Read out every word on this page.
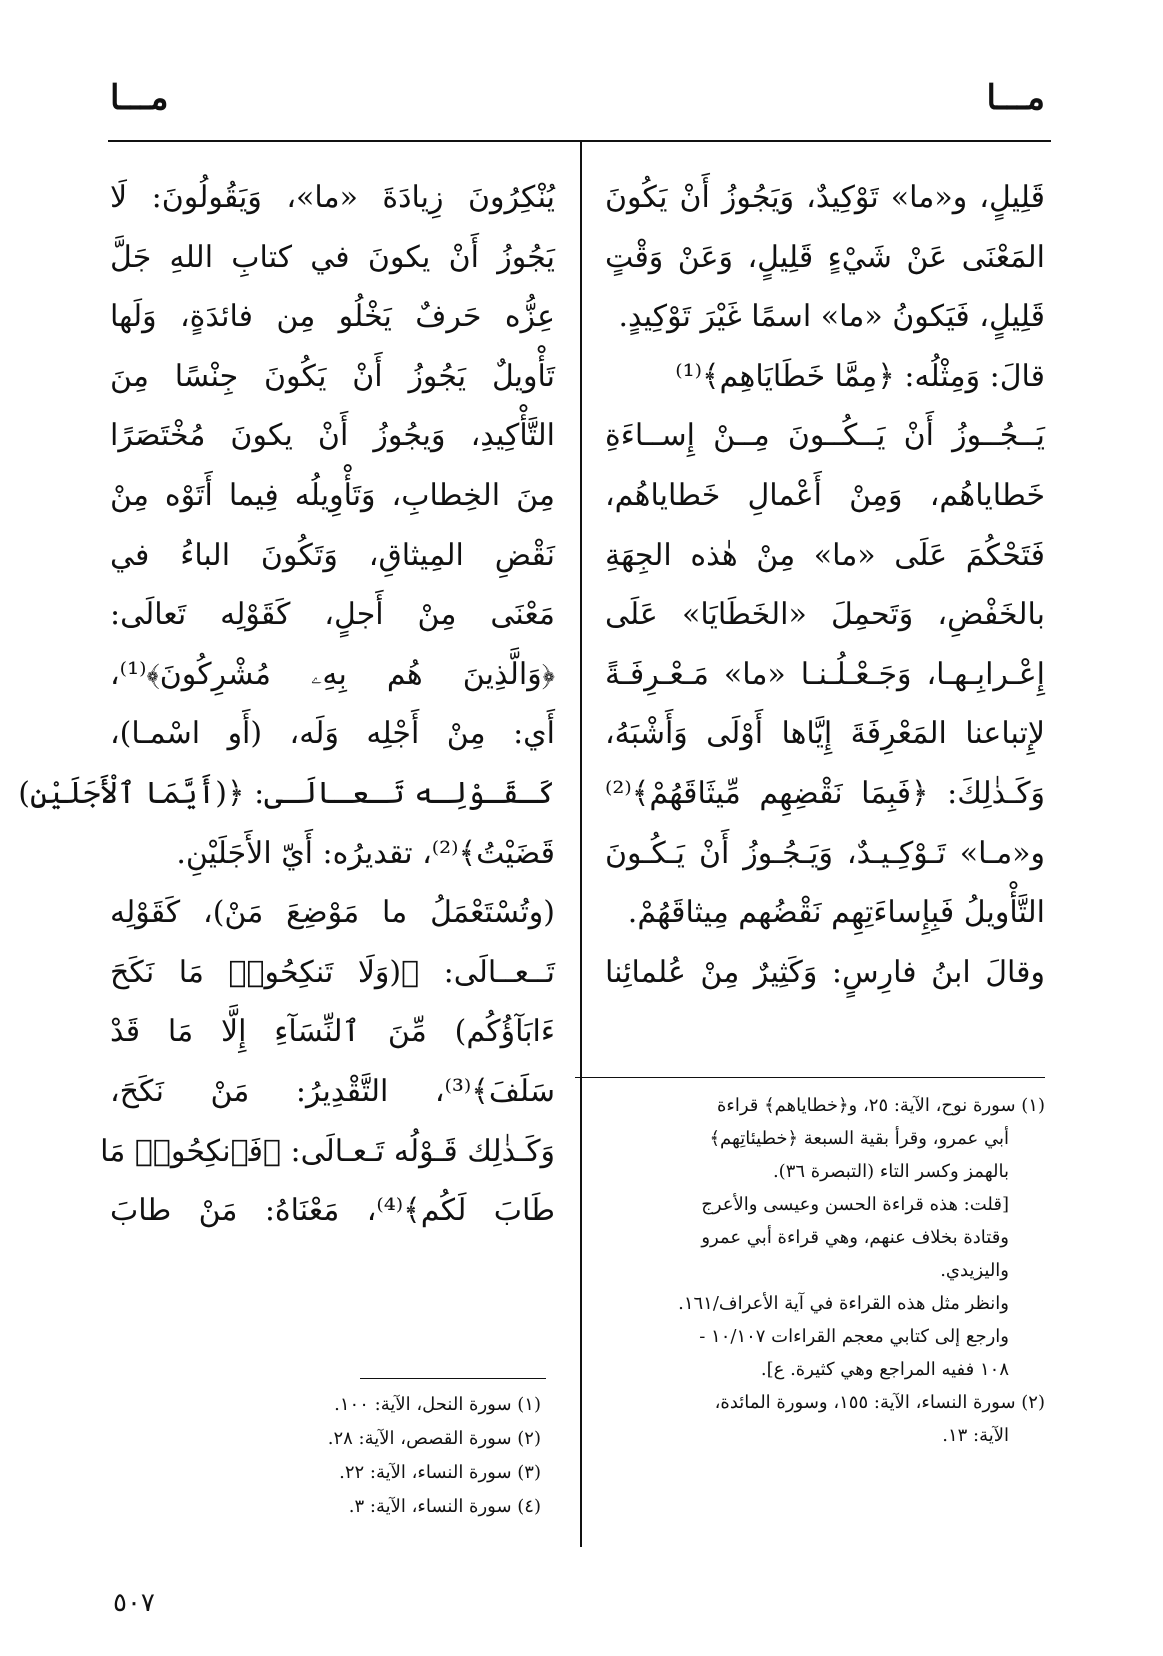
مـــا	مـــا
قَلِيلٍ، و«ما» تَوْكِيدٌ، وَيَجُوزُ أَنْ يَكُونَ
المَعْنَى عَنْ شَيْءٍ قَلِيلٍ، وَعَنْ وَقْتٍ
قَلِيلٍ، فَيَكونُ «ما» اسمًا غَيْرَ تَوْكِيدٍ.
قالَ: وَمِثْلُه: ﴿مِمَّا خَطَايَاهِم﴾⁽¹⁾
يَــجُــوزُ أَنْ يَــكُــونَ مِــنْ إِســاءَةِ
خَطاياهُم، وَمِنْ أَعْمالِ خَطاياهُم،
فَتَحْكُمَ عَلَى «ما» مِنْ هٰذه الجِهَةِ
بالخَفْضِ، وَتَحمِلَ «الخَطَايَا» عَلَى
إِعْـرابِـهـا، وَجَـعْـلُـنـا «ما» مَـعْـرِفَـةً
لإِتباعنا المَعْرِفَةَ إِيَّاها أَوْلَى وَأَشْبَهُ،
وَكَـذٰلِكَ: ﴿فَبِمَا نَقْضِهِم مِّيثَاقَهُمْ﴾⁽²⁾
و«مـا» تَـوْكِـيـدٌ، وَيَـجُـوزُ أَنْ يَـكُـونَ
التَّأْويلُ فَبِإِساءَتِهِم نَقْضُهم مِيثاقَهُمْ.
وقالَ ابنُ فارِسٍ: وَكَثِيرٌ مِنْ عُلمائِنا
(١) سورة نوح، الآية: ٢٥، و﴿خطاياهم﴾ قراءة
أبي عمرو، وقرأ بقية السبعة ﴿خطيئاتِهم﴾
بالهمز وكسر التاء (التبصرة ٣٦).
[قلت: هذه قراءة الحسن وعيسى والأعرج
وقتادة بخلاف عنهم، وهي قراءة أبي عمرو
واليزيدي.
وانظر مثل هذه القراءة في آية الأعراف/١٦١.
وارجع إلى كتابي معجم القراءات ١٠/١٠٧ -
١٠٨ ففيه المراجع وهي كثيرة. ع].
(٢) سورة النساء، الآية: ١٥٥، وسورة المائدة،
الآية: ١٣.
يُنْكِرُونَ زِيادَةَ «ما»، وَيَقُولُونَ: لَا
يَجُوزُ أَنْ يكونَ في كتابِ اللهِ جَلَّ
عِزُّه حَرفٌ يَخْلُو مِن فائدَةٍ، وَلَها
تَأْويلٌ يَجُوزُ أَنْ يَكُونَ جِنْسًا مِنَ
التَّأْكِيدِ، وَيجُوزُ أَنْ يكونَ مُخْتَصَرًا
مِنَ الخِطابِ، وَتَأْوِيلُه فِيما أَتَوْه مِنْ
نَقْضِ المِيثاقِ، وَتَكُونَ الباءُ في
مَعْنَى مِنْ أَجلٍ، كَقَوْلِه تَعالَى:
﴿وَالَّذِينَ هُم بِهِۦ مُشْرِكُونَ﴾⁽¹⁾،
أَي: مِنْ أَجْلِه وَلَه، (أَو اسْمـا)،
كَـقَـوْلِـه تَـعـالَـى: ﴿(أَيَّمَا ٱلْأَجَلَيْنِ)
قَضَيْتُ﴾⁽²⁾، تقديرُه: أَيّ الأَجَلَيْنِ.
(وتُسْتَعْمَلُ ما مَوْضِعَ مَنْ)، كَقَوْلِه
تَــعــالَى: ﴿(وَلَا تَنكِحُوا۟ مَا نَكَحَ
ءَابَآؤُكُم) مِّنَ ٱلنِّسَآءِ إِلَّا مَا قَدْ
سَلَفَ﴾⁽³⁾، التَّقْدِيرُ: مَنْ نَكَحَ،
وَكَـذٰلِك قَـوْلُه تَـعـالَى: ﴿فَٱنكِحُوا۟ مَا
طَابَ لَكُم﴾⁽⁴⁾، مَعْنَاهُ: مَنْ طابَ
(١) سورة النحل، الآية: ١٠٠.
(٢) سورة القصص، الآية: ٢٨.
(٣) سورة النساء، الآية: ٢٢.
(٤) سورة النساء، الآية: ٣.
٥٠٧
